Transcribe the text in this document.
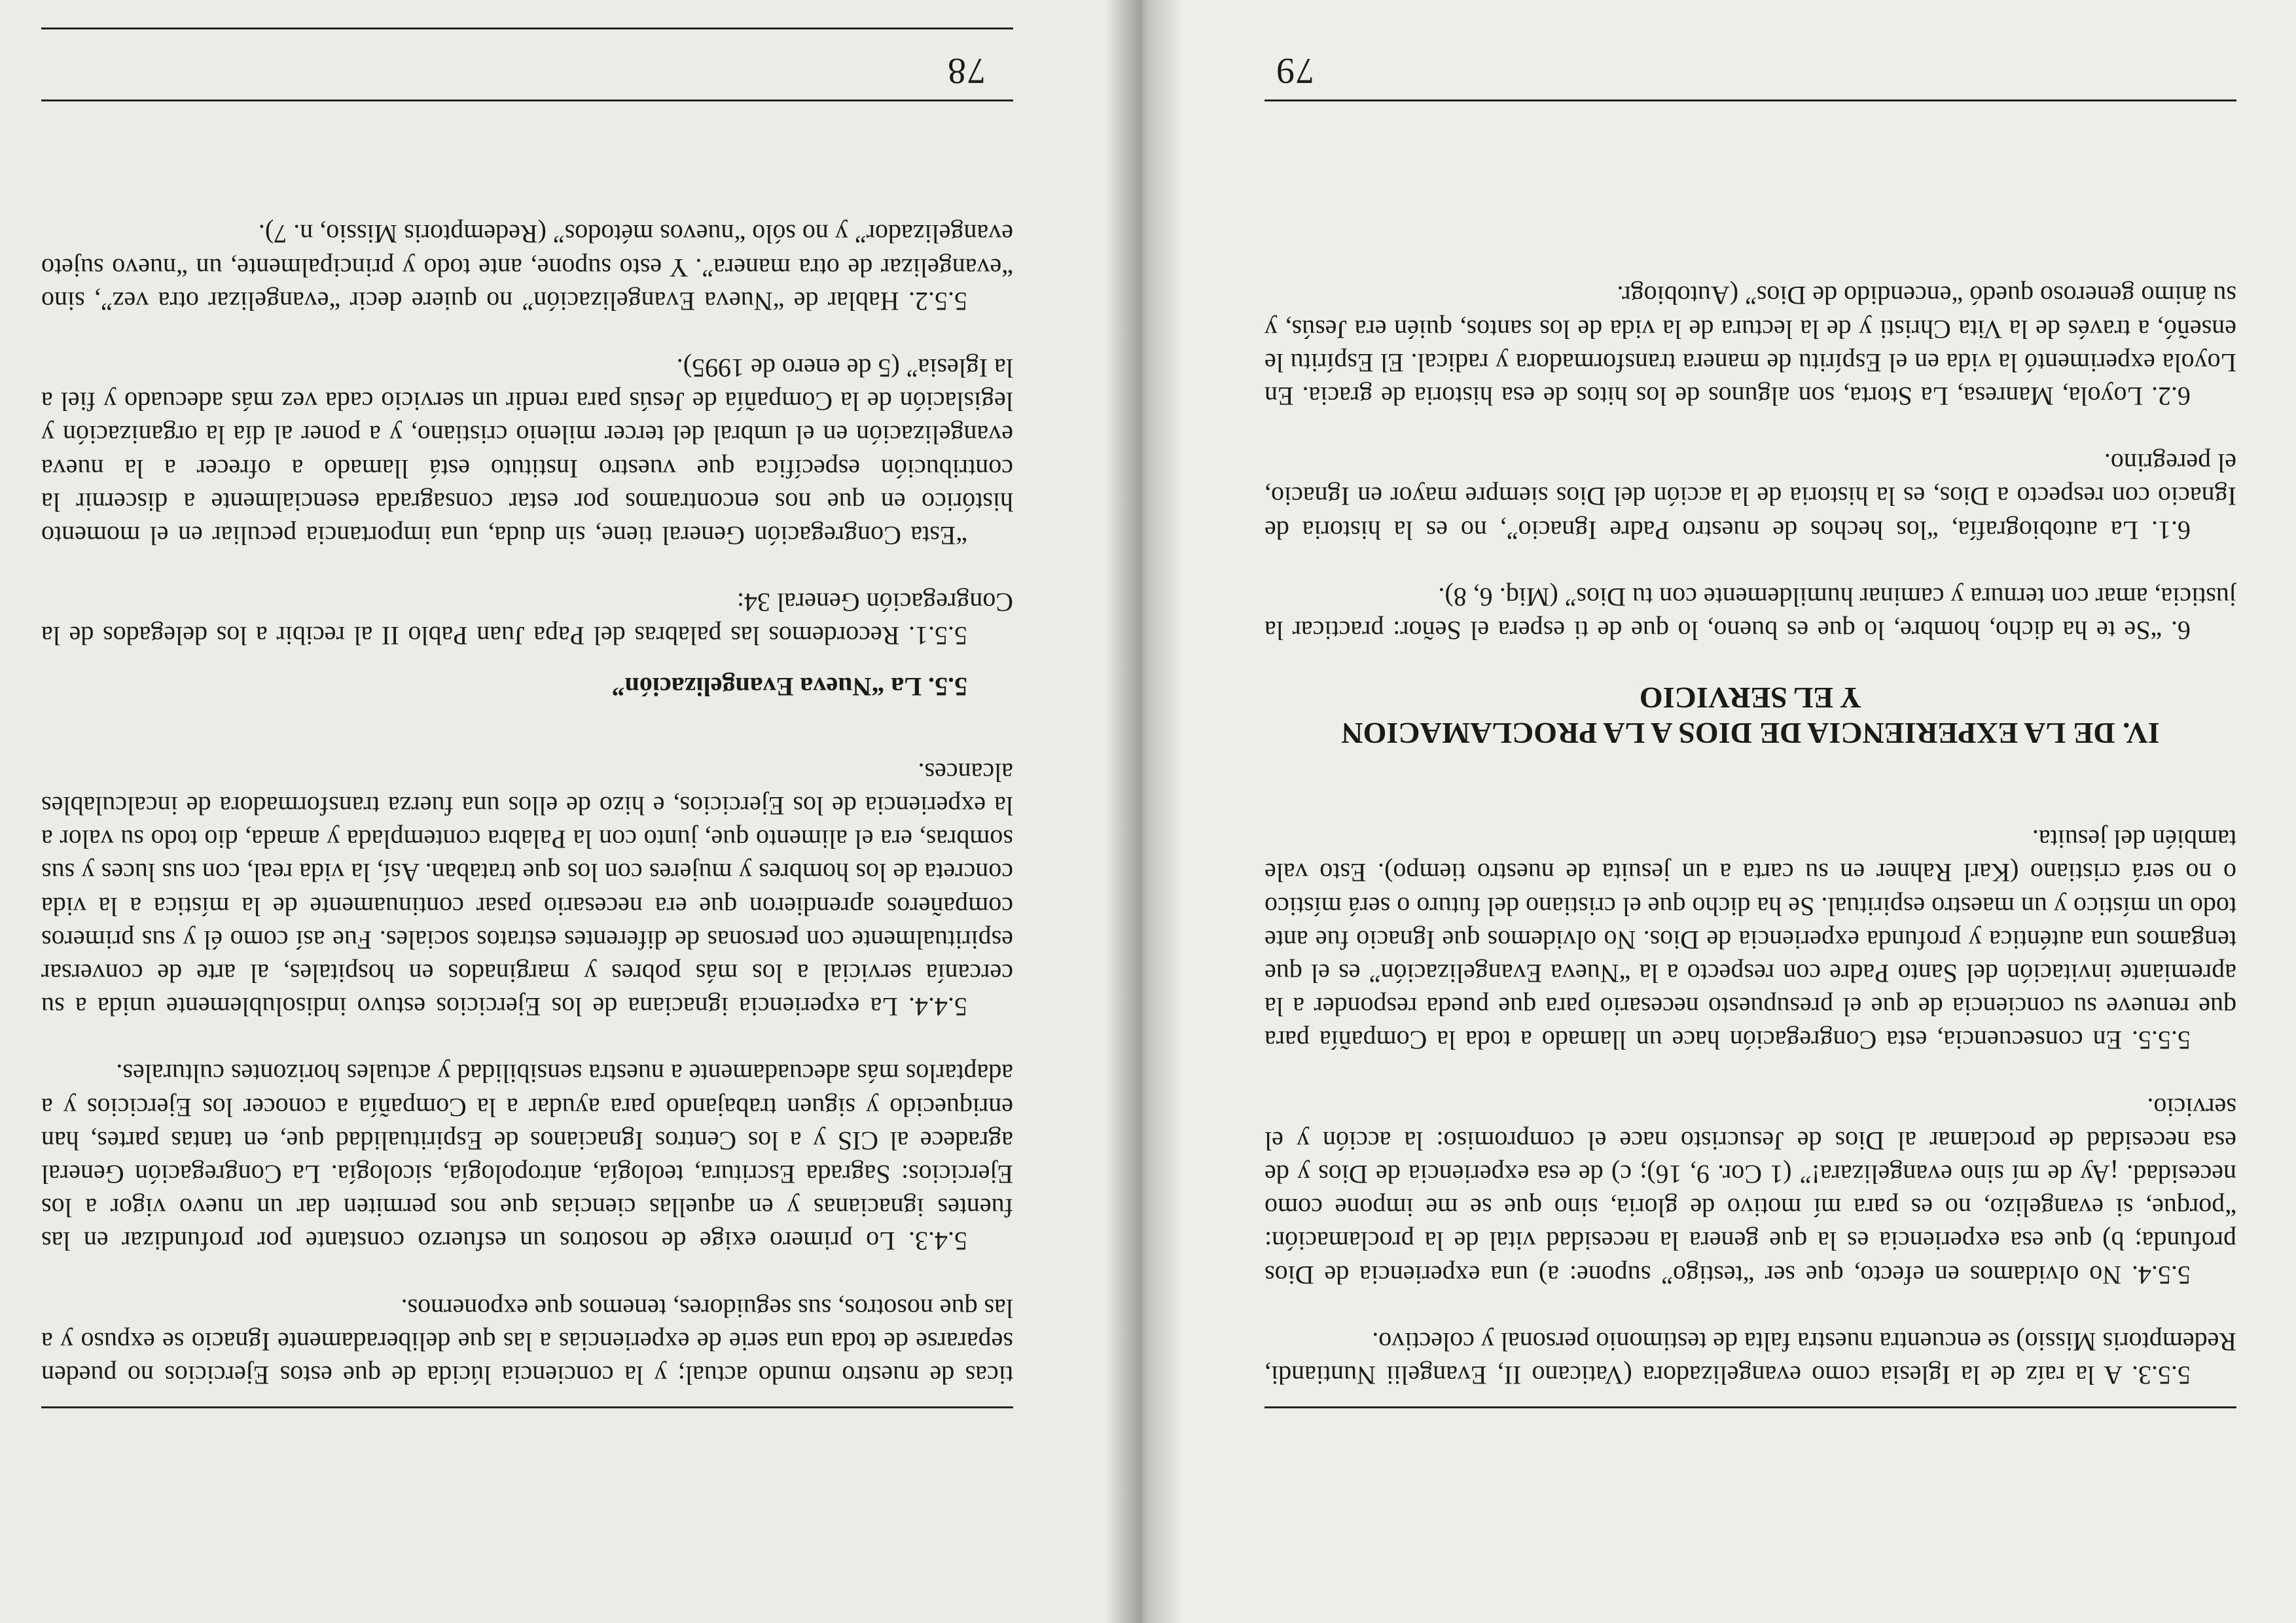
79

5.5.3. A la raíz de la Iglesia como evangelizadora (Vaticano II, Evangelii Nuntiandi, Redemptoris Missio) se encuentra nuestra falta de testimonio personal y colectivo.

5.5.4. No olvidamos en efecto, que ser “testigo” supone: a) una experiencia de Dios profunda; b) que esa experiencia es la que genera la necesidad vital de la proclamación: “porque, si evangelizo, no es para mí motivo de gloria, sino que se me impone como necesidad. ¡Ay de mí sino evangelizara!” (1 Cor. 9, 16); c) de esa experiencia de Dios y de esa necesidad de proclamar al Dios de Jesucristo nace el compromiso: la acción y el servicio.

5.5.5. En consecuencia, esta Congregación hace un llamado a toda la Compañía para que renueve su conciencia de que el presupuesto necesario para que pueda responder a la apremiante invitación del Santo Padre con respecto a la “Nueva Evangelización” es el que tengamos una auténtica y profunda experiencia de Dios. No olvidemos que Ignacio fue ante todo un místico y un maestro espiritual. Se ha dicho que el cristiano del futuro o será místico o no será cristiano (Karl Rahner en su carta a un jesuita de nuestro tiempo). Esto vale también del jesuita.

IV. DE LA EXPERIENCIA DE DIOS A LA PROCLAMACION
Y EL SERVICIO

6. “Se te ha dicho, hombre, lo que es bueno, lo que de ti espera el Señor: practicar la justicia, amar con ternura y caminar humildemente con tu Dios” (Miq. 6, 8).

6.1. La autobiografía, “los hechos de nuestro Padre Ignacio”, no es la historia de Ignacio con respecto a Dios, es la historia de la acción del Dios siempre mayor en Ignacio, el peregrino.

6.2. Loyola, Manresa, La Storta, son algunos de los hitos de esa historia de gracia. En Loyola experimentó la vida en el Espíritu de manera transformadora y radical. El Espíritu le enseñó, a través de la Vita Christi y de la lectura de la vida de los santos, quién era Jesús, y su ánimo generoso quedó “encendido de Dios” (Autobiogr.

78

ticas de nuestro mundo actual; y la conciencia lúcida de que estos Ejercicios no pueden separarse de toda una serie de experiencias a las que deliberadamente Ignacio se expuso y a las que nosotros, sus seguidores, tenemos que exponernos.

5.4.3. Lo primero exige de nosotros un esfuerzo constante por profundizar en las fuentes ignacianas y en aquellas ciencias que nos permiten dar un nuevo vigor a los Ejercicios: Sagrada Escritura, teología, antropología, sicología. La Congregación General agradece al CIS y a los Centros Ignacianos de Espiritualidad que, en tantas partes, han enriquecido y siguen trabajando para ayudar a la Compañía a conocer los Ejercicios y a adaptarlos más adecuadamente a nuestra sensibilidad y actuales horizontes culturales.

5.4.4. La experiencia ignaciana de los Ejercicios estuvo indisolublemente unida a su cercanía servicial a los más pobres y marginados en hospitales, al arte de conversar espiritualmente con personas de diferentes estratos sociales. Fue así como él y sus primeros compañeros aprendieron que era necesario pasar continuamente de la mística a la vida concreta de los hombres y mujeres con los que trataban. Así, la vida real, con sus luces y sus sombras, era el alimento que, junto con la Palabra contemplada y amada, dio todo su valor a la experiencia de los Ejercicios, e hizo de ellos una fuerza transformadora de incalculables alcances.

5.5. La “Nueva Evangelización”

5.5.1. Recordemos las palabras del Papa Juan Pablo II al recibir a los delegados de la Congregación General 34:

“Esta Congregación General tiene, sin duda, una importancia peculiar en el momento histórico en que nos encontramos por estar consagrada esencialmente a discernir la contribución específica que vuestro Instituto está llamado a ofrecer a la nueva evangelización en el umbral del tercer milenio cristiano, y a poner al día la organización y legislación de la Compañía de Jesús para rendir un servicio cada vez más adecuado y fiel a la Iglesia” (5 de enero de 1995).

5.5.2. Hablar de “Nueva Evangelización” no quiere decir “evangelizar otra vez”, sino “evangelizar de otra manera”. Y esto supone, ante todo y principalmente, un “nuevo sujeto evangelizador” y no sólo “nuevos métodos” (Redemptoris Missio, n. 7).
